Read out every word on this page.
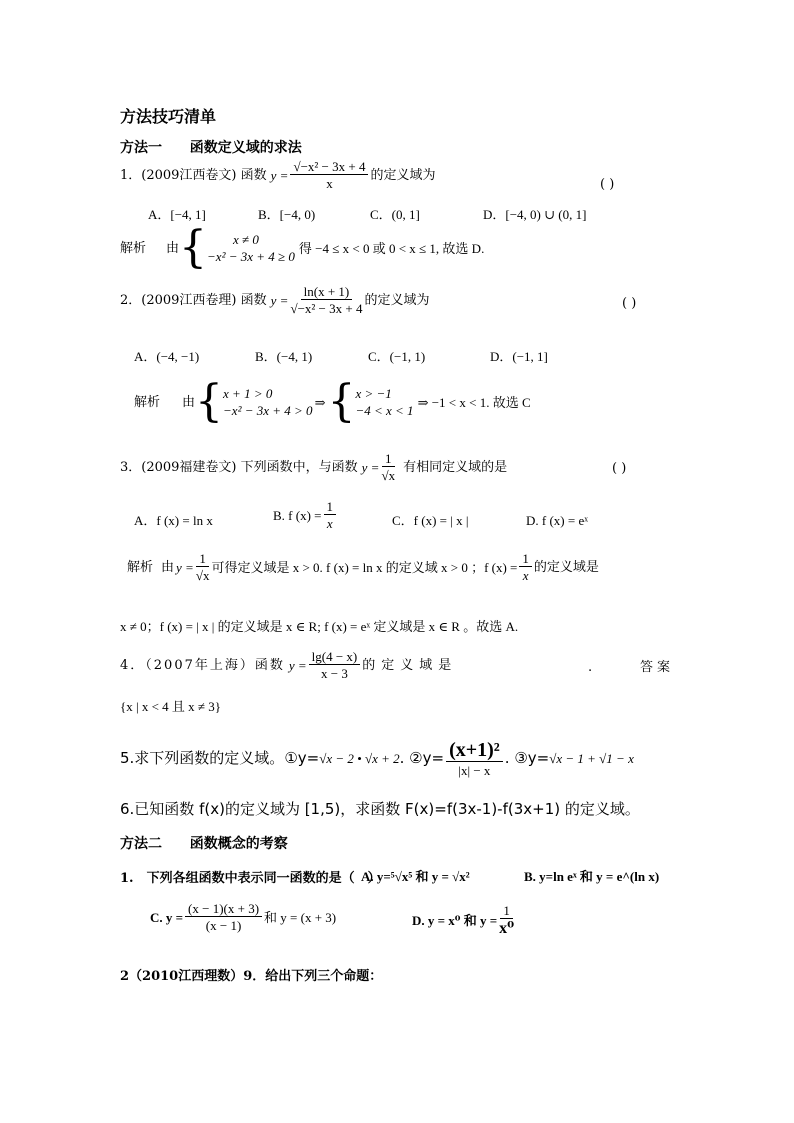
方法技巧清单
方法一 函数定义域的求法
1．(2009江西卷文) 函数 $y = \frac{\text{√−x² − 3x + 4}}{x}$ 的定义域为
( )
A．[−4, 1]	B．[−4, 0)	C．(0, 1]	D．[−4, 0) ∪ (0, 1]
解析 由 {	x ≠ 0
−x² − 3x + 4 ≥ 0
得 −4 ≤ x < 0 或 0 < x ≤ 1, 故选 D.
2．(2009江西卷理) 函数 $y = \frac{\ln(x + 1)}{\text{√−x² − 3x + 4}}$ 的定义域为	( )
A．(−4, −1)	B．(−4, 1)	C．(−1, 1)	D．(−1, 1]
解析 由 { x + 1 > 0
−x² − 3x + 4 > 0
⇒ { x > −1
−4 < x < 1
⇒ −1 < x < 1. 故选 C
3．(2009福建卷文) 下列函数中，与函数 $y = \frac{1}{√x}$ 有相同定义域的是	( )
A．f (x) = ln x	B. f $(x) = \frac{1}{x}$	C．f (x) = | x |	D. f (x) = eˣ
解析 由 $y = \frac{1}{√x}$ 可得定义域是 x > 0. f (x) = ln x 的定义域 x > 0 ；f $(x) = \frac{1}{x}$ 的定义域是
x ≠ 0；f (x) = | x | 的定义域是 x ∈ R; f (x) = eˣ 定义域是 x ∈ R 。故选 A.
4．（2007年上海）函数 $y = \frac{\lg(4 - x)}{x - 3}$ 的定义域是	.	答案
{x | x < 4 且 x ≠ 3}
5.求下列函数的定义域。①y= √x − 2 • √x + 2 . ②y= $\frac{\text{(x+1)²}}{|x| - x}$ . ③y= √x − 1 + √1 − x
6.已知函数 f(x)的定义域为 [1,5)，求函数 F(x)=f(3x-1)-f(3x+1) 的定义域。
方法二 函数概念的考察
1.　下列各组函数中表示同一函数的是（　）
A. y=⁵√x⁵ 和 y = √x²	B. y=ln eˣ 和 y = e^(ln x)
C. $y = \frac{(x - 1)(x + 3)}{(x - 1)}$ 和 y = (x + 3)	D. y = x⁰ 和 $y = \frac{1}{\text{x⁰}}$
2（2010江西理数）9．给出下列三个命题：
